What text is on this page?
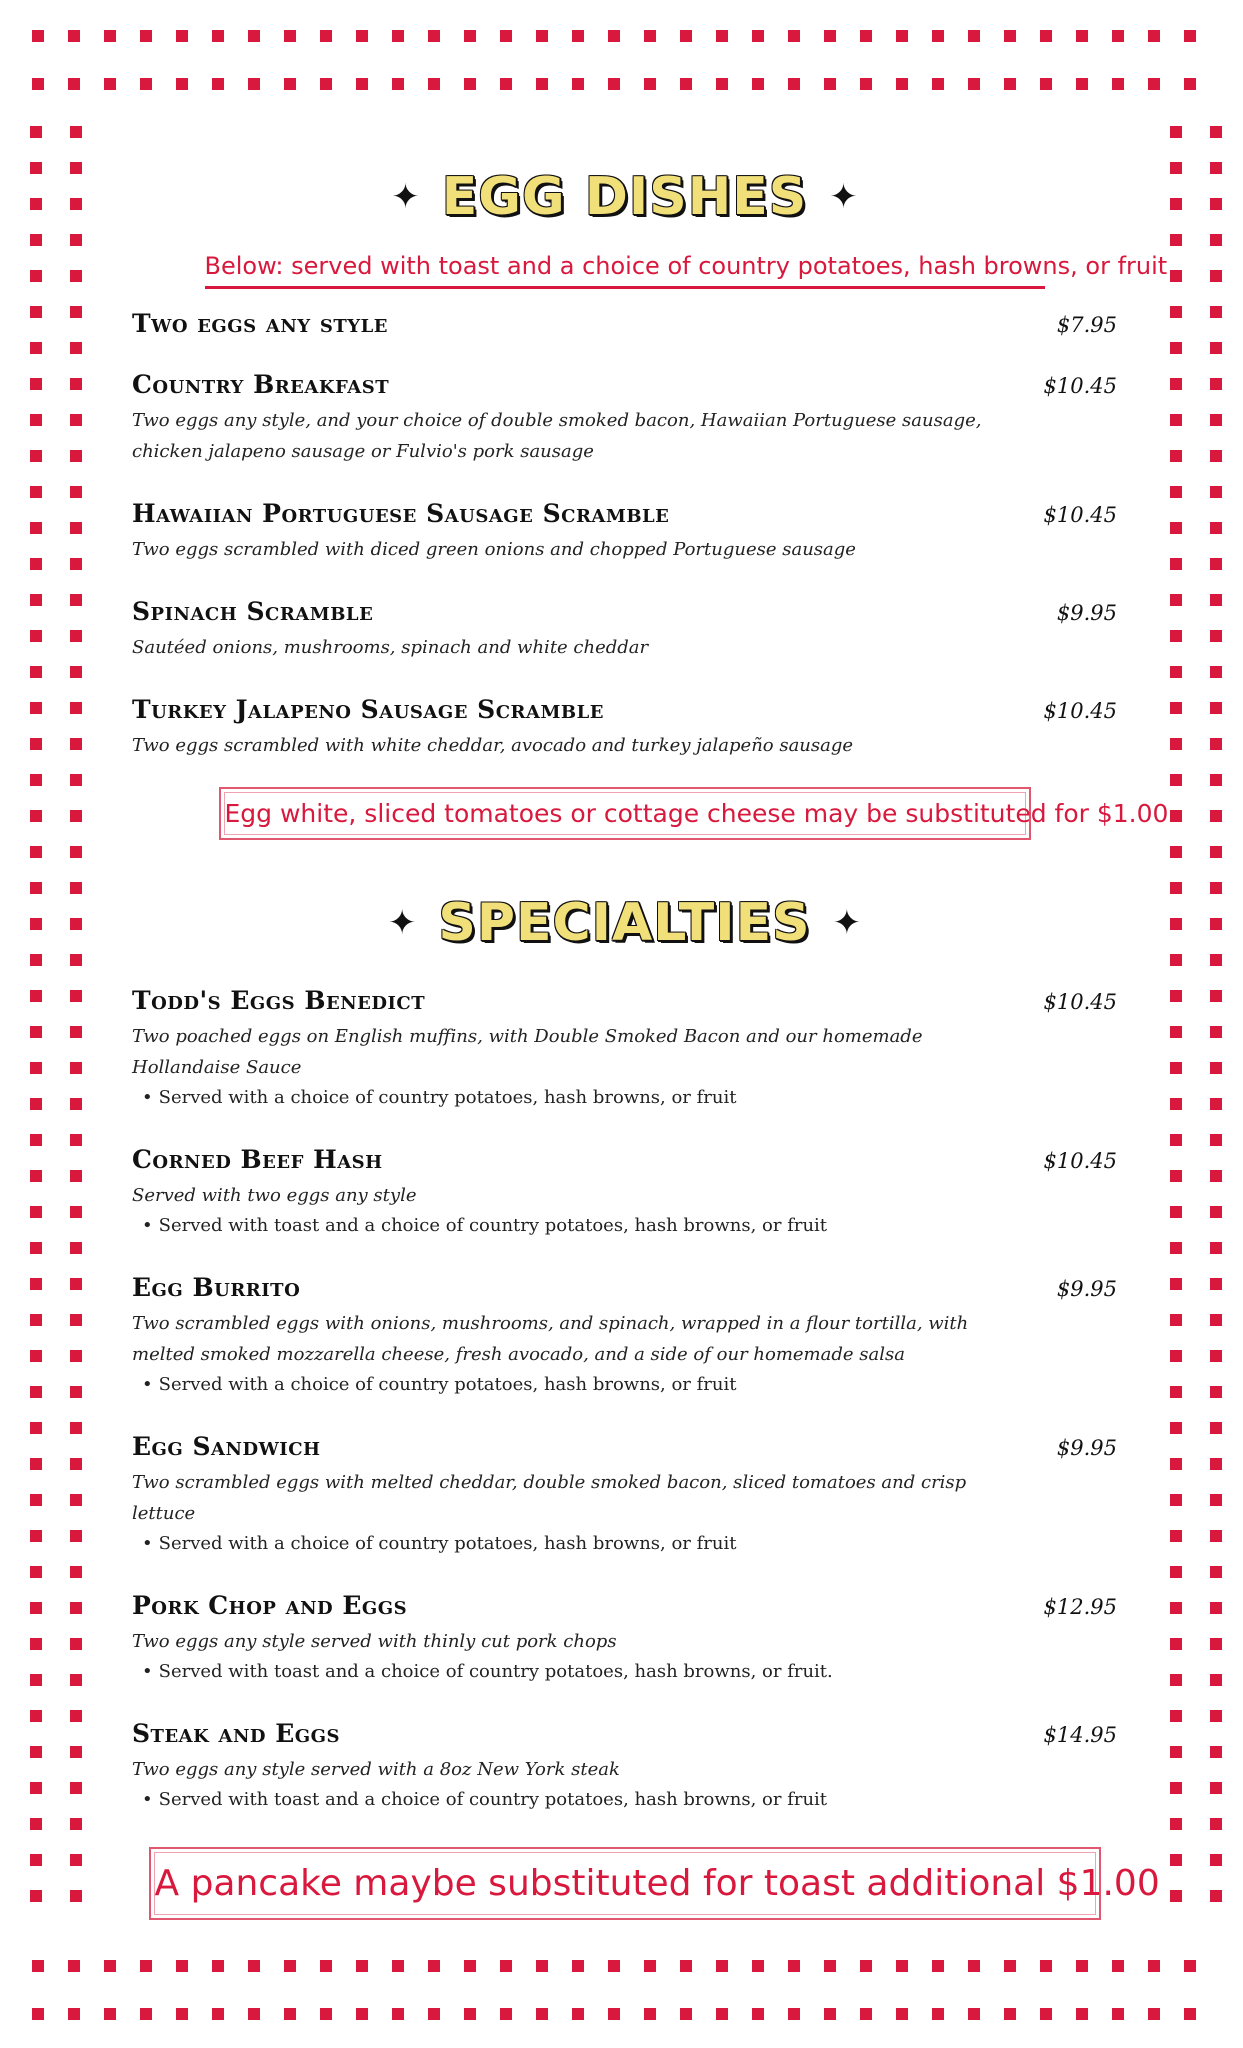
✦ EGG DISHES ✦
Below: served with toast and a choice of country potatoes, hash browns, or fruit
Two eggs any style	$7.95
Country Breakfast	$10.45
Two eggs any style, and your choice of double smoked bacon, Hawaiian Portuguese sausage, chicken jalapeno sausage or Fulvio's pork sausage
Hawaiian Portuguese Sausage Scramble	$10.45
Two eggs scrambled with diced green onions and chopped Portuguese sausage
Spinach Scramble	$9.95
Sautéed onions, mushrooms, spinach and white cheddar
Turkey Jalapeno Sausage Scramble	$10.45
Two eggs scrambled with white cheddar, avocado and turkey jalapeño sausage
Egg white, sliced tomatoes or cottage cheese may be substituted for $1.00
✦ SPECIALTIES ✦
Todd's Eggs Benedict	$10.45
Two poached eggs on English muffins, with Double Smoked Bacon and our homemade Hollandaise Sauce
• Served with a choice of country potatoes, hash browns, or fruit
Corned Beef Hash	$10.45
Served with two eggs any style
• Served with toast and a choice of country potatoes, hash browns, or fruit
Egg Burrito	$9.95
Two scrambled eggs with onions, mushrooms, and spinach, wrapped in a flour tortilla, with melted smoked mozzarella cheese, fresh avocado, and a side of our homemade salsa
• Served with a choice of country potatoes, hash browns, or fruit
Egg Sandwich	$9.95
Two scrambled eggs with melted cheddar, double smoked bacon, sliced tomatoes and crisp lettuce
• Served with a choice of country potatoes, hash browns, or fruit
Pork Chop and Eggs	$12.95
Two eggs any style served with thinly cut pork chops
• Served with toast and a choice of country potatoes, hash browns, or fruit.
Steak and Eggs	$14.95
Two eggs any style served with a 8oz New York steak
• Served with toast and a choice of country potatoes, hash browns, or fruit
A pancake maybe substituted for toast additional $1.00
